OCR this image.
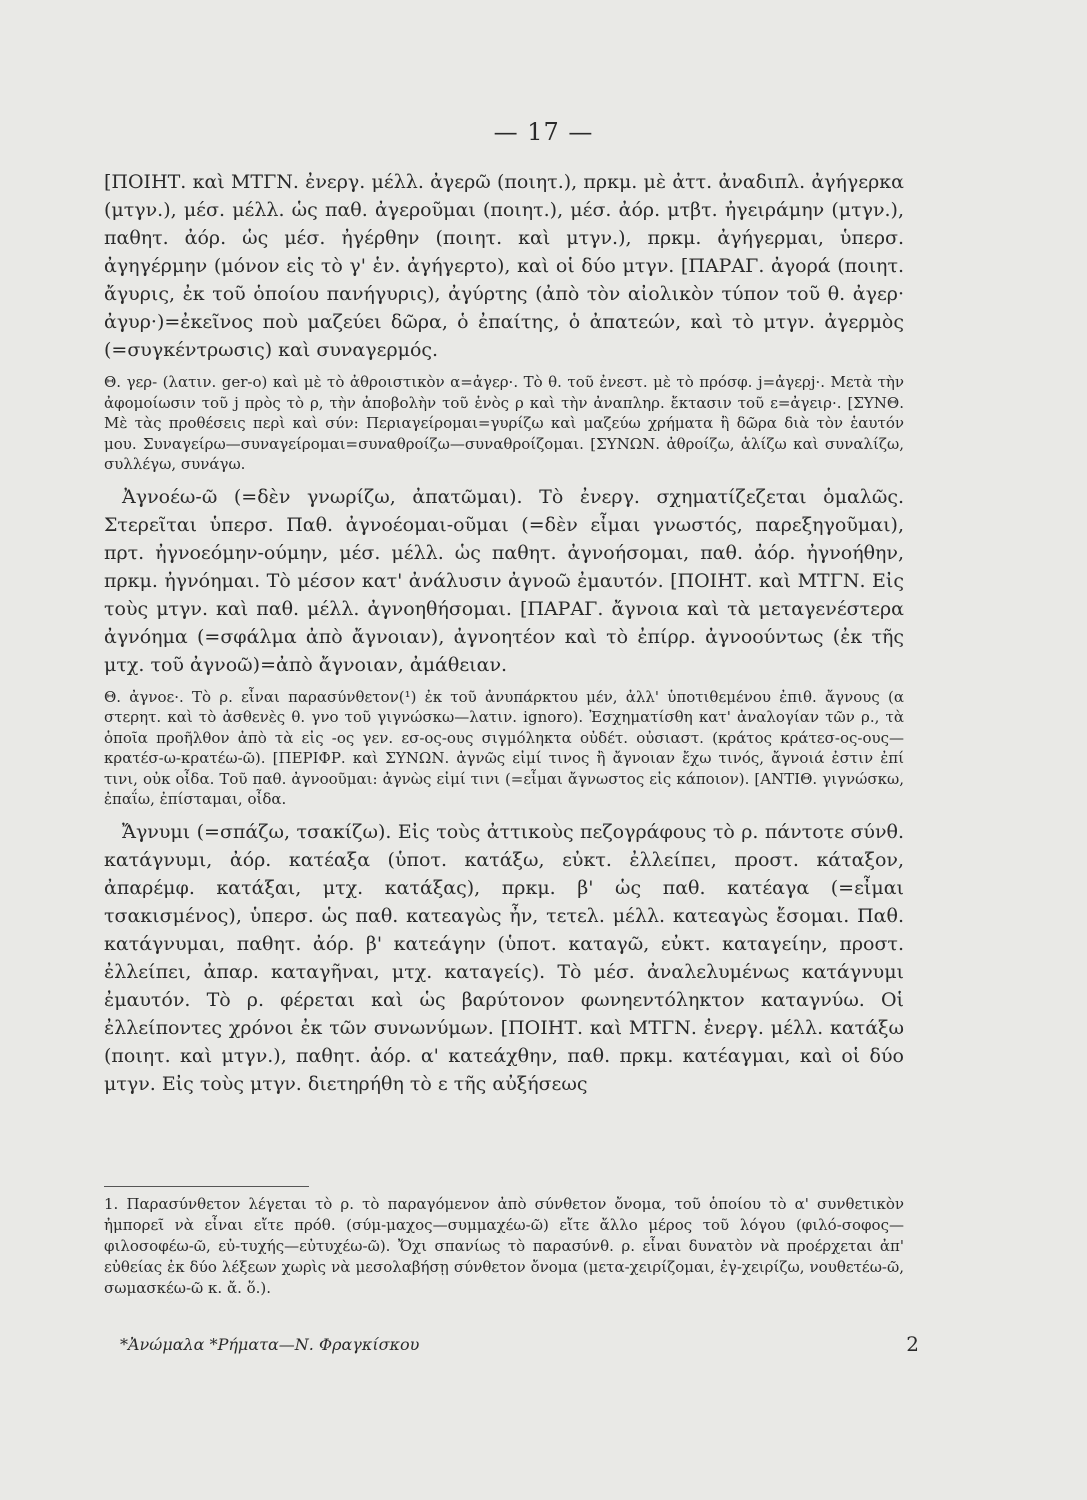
— 17 —

[ΠΟΙΗΤ. καὶ ΜΤΓΝ. ἐνεργ. μέλλ. ἀγερῶ (ποιητ.), πρκμ. μὲ ἀττ. ἀναδιπλ. ἀγήγερκα (μτγν.), μέσ. μέλλ. ὡς παθ. ἀγεροῦμαι (ποιητ.), μέσ. ἀόρ. μτβτ. ἠγειράμην (μτγν.), παθητ. ἀόρ. ὡς μέσ. ἠγέρθην (ποιητ. καὶ μτγν.), πρκμ. ἀγήγερμαι, ὑπερσ. ἀγηγέρμην (μόνον εἰς τὸ γ' ἑν. ἀγήγερτο), καὶ οἱ δύο μτγν. [ΠΑΡΑΓ. ἀγορά (ποιητ. ἄγυρις, ἐκ τοῦ ὁποίου πανήγυρις), ἀγύρτης (ἀπὸ τὸν αἰολικὸν τύπον τοῦ θ. ἀγερ· ἀγυρ·)=ἐκεῖνος ποὺ μαζεύει δῶρα, ὁ ἐπαίτης, ὁ ἀπατεών, καὶ τὸ μτγν. ἀγερμὸς (=συγκέντρωσις) καὶ συναγερμός.

Θ. γερ- (λατιν. ger-o) καὶ μὲ τὸ ἀθροιστικὸν α=ἀγερ·. Τὸ θ. τοῦ ἐνεστ. μὲ τὸ πρόσφ. j=ἀγερj·. Μετὰ τὴν ἀφομοίωσιν τοῦ j πρὸς τὸ ρ, τὴν ἀποβολὴν τοῦ ἑνὸς ρ καὶ τὴν ἀναπληρ. ἔκτασιν τοῦ ε=ἀγειρ·. [ΣΥΝΘ. Μὲ τὰς προθέσεις περὶ καὶ σύν: Περιαγείρομαι=γυρίζω καὶ μαζεύω χρήματα ἢ δῶρα διὰ τὸν ἑαυτόν μου. Συναγείρω—συναγείρομαι=συναθροίζω—συναθροίζομαι. [ΣΥΝΩΝ. ἀθροίζω, ἁλίζω καὶ συναλίζω, συλλέγω, συνάγω.

Ἀγνοέω-ῶ (=δὲν γνωρίζω, ἀπατῶμαι). Τὸ ἐνεργ. σχηματίζεζεται ὁμαλῶς. Στερεῖται ὑπερσ. Παθ. ἀγνοέομαι-οῦμαι (=δὲν εἶμαι γνωστός, παρεξηγοῦμαι), πρτ. ἠγνοεόμην-ούμην, μέσ. μέλλ. ὡς παθητ. ἀγνοήσομαι, παθ. ἀόρ. ἠγνοήθην, πρκμ. ἠγνόημαι. Τὸ μέσον κατ' ἀνάλυσιν ἀγνοῶ ἐμαυτόν. [ΠΟΙΗΤ. καὶ ΜΤΓΝ. Εἰς τοὺς μτγν. καὶ παθ. μέλλ. ἀγνοηθήσομαι. [ΠΑΡΑΓ. ἄγνοια καὶ τὰ μεταγενέστερα ἀγνόημα (=σφάλμα ἀπὸ ἄγνοιαν), ἀγνοητέον καὶ τὸ ἐπίρρ. ἀγνοούντως (ἐκ τῆς μτχ. τοῦ ἀγνοῶ)=ἀπὸ ἄγνοιαν, ἀμάθειαν.

Θ. ἀγνοε·. Τὸ ρ. εἶναι παρασύνθετον(¹) ἐκ τοῦ ἀνυπάρκτου μέν, ἀλλ' ὑποτιθεμένου ἐπιθ. ἄγνους (α στερητ. καὶ τὸ ἀσθενὲς θ. γνο τοῦ γιγνώσκω—λατιν. ignoro). Ἐσχηματίσθη κατ' ἀναλογίαν τῶν ρ., τὰ ὁποῖα προῆλθον ἀπὸ τὰ εἰς -ος γεν. εσ-ος-ους σιγμόληκτα οὐδέτ. οὐσιαστ. (κράτος κράτεσ-ος-ους—κρατέσ-ω-κρατέω-ῶ). [ΠΕΡΙΦΡ. καὶ ΣΥΝΩΝ. ἀγνῶς εἰμί τινος ἢ ἄγνοιαν ἔχω τινός, ἄγνοιά ἐστιν ἐπί τινι, οὐκ οἶδα. Τοῦ παθ. ἀγνοοῦμαι: ἀγνὼς εἰμί τινι (=εἶμαι ἄγνωστος εἰς κάποιον). [ΑΝΤΙΘ. γιγνώσκω, ἐπαΐω, ἐπίσταμαι, οἶδα.

Ἄγνυμι (=σπάζω, τσακίζω). Εἰς τοὺς ἀττικοὺς πεζογράφους τὸ ρ. πάντοτε σύνθ. κατάγνυμι, ἀόρ. κατέαξα (ὑποτ. κατάξω, εὐκτ. ἐλλείπει, προστ. κάταξον, ἀπαρέμφ. κατάξαι, μτχ. κατάξας), πρκμ. β' ὡς παθ. κατέαγα (=εἶμαι τσακισμένος), ὑπερσ. ὡς παθ. κατεαγὼς ἦν, τετελ. μέλλ. κατεαγὼς ἔσομαι. Παθ. κατάγνυμαι, παθητ. ἀόρ. β' κατεάγην (ὑποτ. καταγῶ, εὐκτ. καταγείην, προστ. ἐλλείπει, ἀπαρ. καταγῆναι, μτχ. καταγείς). Τὸ μέσ. ἀναλελυμένως κατάγνυμι ἐμαυτόν. Τὸ ρ. φέρεται καὶ ὡς βαρύτονον φωνηεντόληκτον καταγνύω. Οἱ ἐλλείποντες χρόνοι ἐκ τῶν συνωνύμων. [ΠΟΙΗΤ. καὶ ΜΤΓΝ. ἐνεργ. μέλλ. κατάξω (ποιητ. καὶ μτγν.), παθητ. ἀόρ. α' κατεάχθην, παθ. πρκμ. κατέαγμαι, καὶ οἱ δύο μτγν. Εἰς τοὺς μτγν. διετηρήθη τὸ ε τῆς αὐξήσεως

1. Παρασύνθετον λέγεται τὸ ρ. τὸ παραγόμενον ἀπὸ σύνθετον ὄνομα, τοῦ ὁποίου τὸ α' συνθετικὸν ἠμπορεῖ νὰ εἶναι εἴτε πρόθ. (σύμ-μαχος—συμμαχέω-ῶ) εἴτε ἄλλο μέρος τοῦ λόγου (φιλό-σοφος—φιλοσοφέω-ῶ, εὐ-τυχής—εὐτυχέω-ῶ). Ὄχι σπανίως τὸ παρασύνθ. ρ. εἶναι δυνατὸν νὰ προέρχεται ἀπ' εὐθείας ἐκ δύο λέξεων χωρὶς νὰ μεσολαβήσῃ σύνθετον ὄνομα (μετα-χειρίζομαι, ἐγ-χειρίζω, νουθετέω-ῶ, σωμασκέω-ῶ κ. ἄ. ὅ.).

*Ἀνώμαλα *Ρήματα—Ν. Φραγκίσκου	2
